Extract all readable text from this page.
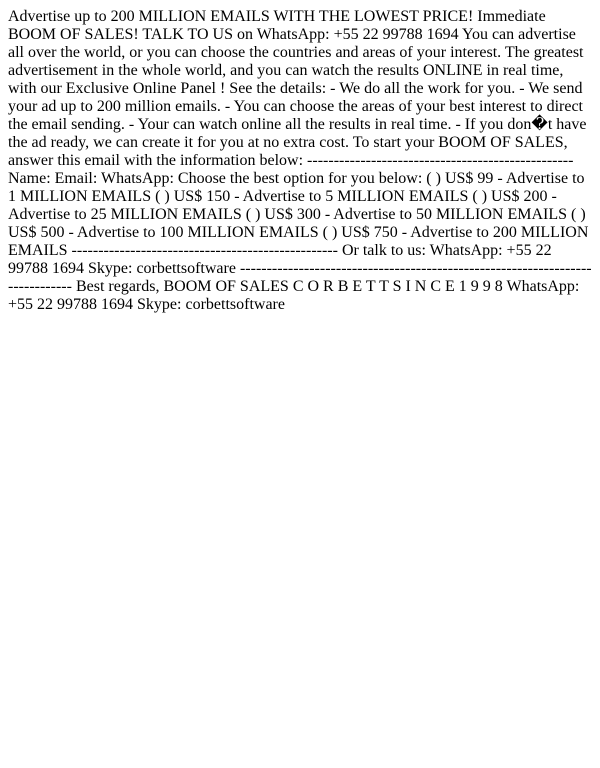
Advertise up to 200 MILLION EMAILS WITH THE LOWEST PRICE! Immediate BOOM OF SALES! TALK TO US on WhatsApp: +55 22 99788 1694 You can advertise all over the world, or you can choose the countries and areas of your interest. The greatest advertisement in the whole world, and you can watch the results ONLINE in real time, with our Exclusive Online Panel ! See the details: - We do all the work for you. - We send your ad up to 200 million emails. - You can choose the areas of your best interest to direct the email sending. - Your can watch online all the results in real time. - If you don�t have the ad ready, we can create it for you at no extra cost. To start your BOOM OF SALES, answer this email with the information below: -------------------------------------------------- Name: Email: WhatsApp: Choose the best option for you below: ( ) US$ 99 - Advertise to 1 MILLION EMAILS ( ) US$ 150 - Advertise to 5 MILLION EMAILS ( ) US$ 200 - Advertise to 25 MILLION EMAILS ( ) US$ 300 - Advertise to 50 MILLION EMAILS ( ) US$ 500 - Advertise to 100 MILLION EMAILS ( ) US$ 750 - Advertise to 200 MILLION EMAILS -------------------------------------------------- Or talk to us: WhatsApp: +55 22 99788 1694 Skype: corbettsoftware ------------------------------------------------------------------------------ Best regards, BOOM OF SALES C O R B E T T S I N C E 1 9 9 8 WhatsApp: +55 22 99788 1694 Skype: corbettsoftware
